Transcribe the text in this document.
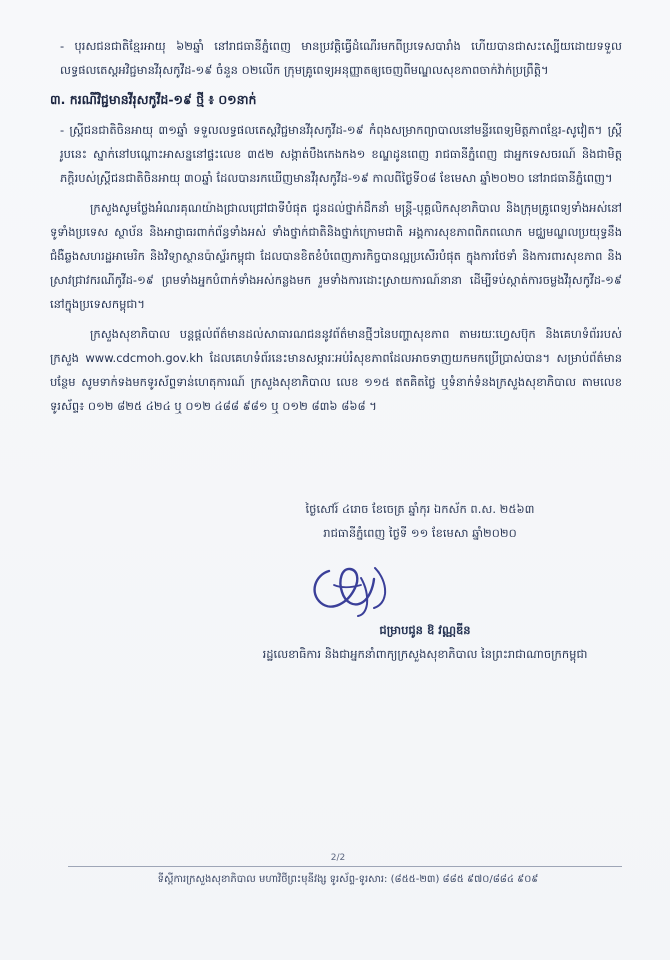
- បុរសជនជាតិខ្មែរអាយុ ៦២ឆ្នាំ នៅរាជធានីភ្នំពេញ មានប្រវត្តិធ្វើដំណើរមកពីប្រទេសបារាំង ហើយបានជាសះស្បើយដោយទទួលលទ្ធផលតេស្តអវិជ្ជមានវីរុសកូវីដ-១៩ ចំនួន ០២លើក ក្រុមគ្រូពេទ្យអនុញ្ញាតឲ្យចេញពីមណ្ឌលសុខភាពចាក់វ៉ាក់ប្រព្រឹត្តិ។

៣. ករណីវិជ្ជមានវីរុសកូវីដ-១៩ ថ្មី ៖ ០១នាក់

- ស្ត្រីជនជាតិចិនអាយុ ៣១ឆ្នាំ ទទួលលទ្ធផលតេស្តវិជ្ជមានវីរុសកូវីដ-១៩ កំពុងសម្រាកព្យាបាលនៅមន្ទីរពេទ្យមិត្តភាពខ្មែរ-សូវៀត។ ស្ត្រីរូបនេះ ស្នាក់នៅបណ្តោះអាសន្ននៅផ្ទះលេខ ៣៥២ សង្កាត់បឹងកេងកង១ ខណ្ឌដូនពេញ រាជធានីភ្នំពេញ ជាអ្នកទេសចរណ៍ និងជាមិត្ត ភក្តិរបស់ស្ត្រីជនជាតិចិនអាយុ ៣០ឆ្នាំ ដែលបានរកឃើញមានវីរុសកូវីដ-១៩ កាលពីថ្ងៃទី០៨ ខែមេសា ឆ្នាំ២០២០ នៅរាជធានីភ្នំពេញ។

ក្រសួងសូមថ្លែងអំណរគុណយ៉ាងជ្រាលជ្រៅជាទីបំផុត ជូនដល់ថ្នាក់ដឹកនាំ មន្ត្រី-បុគ្គលិកសុខាភិបាល និងក្រុមគ្រូពេទ្យទាំងអស់នៅទូទាំងប្រទេស ស្ថាប័ន និងអាជ្ញាធរពាក់ព័ន្ធទាំងអស់ ទាំងថ្នាក់ជាតិនិងថ្នាក់ក្រោមជាតិ អង្គការសុខភាពពិភពលោក មជ្ឈមណ្ឌលប្រយុទ្ធនឹងជំងឺឆ្លងសហរដ្ឋអាមេរិក និងវិទ្យាស្ថានប៉ាស្ទ័រកម្ពុជា ដែលបានខិតខំបំពេញភារកិច្ចបានល្អប្រសើរបំផុត ក្នុងការថែទាំ និងការពារសុខភាព និងស្រាវជ្រាវករណីកូវីដ-១៩ ព្រមទាំងអ្នកបំពាក់ទាំងអស់កន្លងមក រួមទាំងការដោះស្រាយការណ៍នានា ដើម្បីទប់ស្កាត់ការចម្លងវីរុសកូវីដ-១៩ នៅក្នុងប្រទេសកម្ពុជា។

ក្រសួងសុខាភិបាល បន្តផ្តល់ព័ត៌មានដល់សាធារណជននូវព័ត៌មានថ្មីៗនៃបញ្ហាសុខភាព តាមរយៈហ្វេសប៊ុក និងគេហទំព័ររបស់ក្រសួង www.cdcmoh.gov.kh ដែលគេហទំព័រនេះមានសម្ភារៈអប់រំសុខភាពដែលអាចទាញយកមកប្រើប្រាស់បាន។ សម្រាប់ព័ត៌មានបន្ថែម សូមទាក់ទងមកទូរស័ព្ទទាន់ហេតុការណ៍ ក្រសួងសុខាភិបាល លេខ ១១៥ ឥតគិតថ្លៃ ឬទំនាក់ទំនងក្រសួងសុខាភិបាល តាមលេខទូរស័ព្ទ៖ ០១២ ៨២៥ ៤២៤ ឬ ០១២ ៤៨៨ ៩៨១ ឬ ០១២ ៨៣៦ ៨៦៨ ។

ថ្ងៃសៅរ៍ ៤រោច ខែចេត្រ ឆ្នាំកុរ ឯកស័ក ព.ស. ២៥៦៣
រាជធានីភ្នំពេញ ថ្ងៃទី ១១ ខែមេសា ឆ្នាំ២០២០
ជម្រាបជូន ឱ វណ្ណឌីន
រដ្ឋលេខាធិការ និងជាអ្នកនាំពាក្យក្រសួងសុខាភិបាល នៃព្រះរាជាណាចក្រកម្ពុជា
2/2
ទីស្តីការក្រសួងសុខាភិបាល មហាវិថីព្រះមុនីវង្ស ទូរស័ព្ទ-ទូរសារ: (៨៥៥-២៣) ៨៨៥ ៩៧០/៨៨៤ ៩០៩
